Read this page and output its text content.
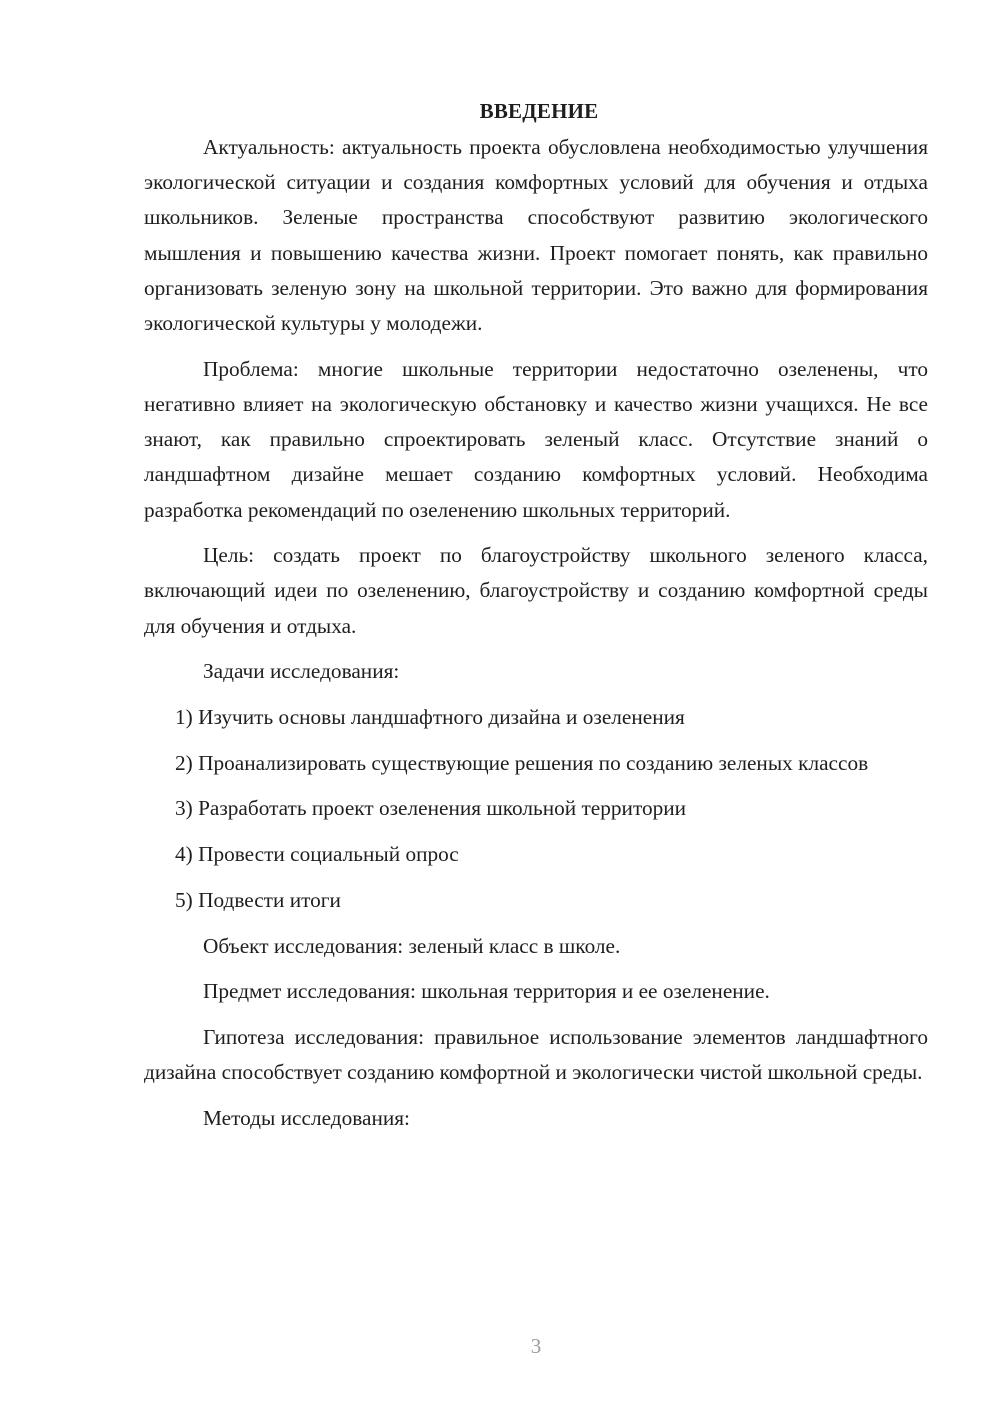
ВВЕДЕНИЕ

Актуальность: актуальность проекта обусловлена необходимостью улучшения экологической ситуации и создания комфортных условий для обучения и отдыха школьников. Зеленые пространства способствуют развитию экологического мышления и повышению качества жизни. Проект помогает понять, как правильно организовать зеленую зону на школьной территории. Это важно для формирования экологической культуры у молодежи.

Проблема: многие школьные территории недостаточно озеленены, что негативно влияет на экологическую обстановку и качество жизни учащихся. Не все знают, как правильно спроектировать зеленый класс. Отсутствие знаний о ландшафтном дизайне мешает созданию комфортных условий. Необходима разработка рекомендаций по озеленению школьных территорий.

Цель: создать проект по благоустройству школьного зеленого класса, включающий идеи по озеленению, благоустройству и созданию комфортной среды для обучения и отдыха.

Задачи исследования:

1) Изучить основы ландшафтного дизайна и озеленения

2) Проанализировать существующие решения по созданию зеленых классов

3) Разработать проект озеленения школьной территории

4) Провести социальный опрос

5) Подвести итоги

Объект исследования: зеленый класс в школе.

Предмет исследования: школьная территория и ее озеленение.

Гипотеза исследования: правильное использование элементов ландшафтного дизайна способствует созданию комфортной и экологически чистой школьной среды.

Методы исследования:

3
